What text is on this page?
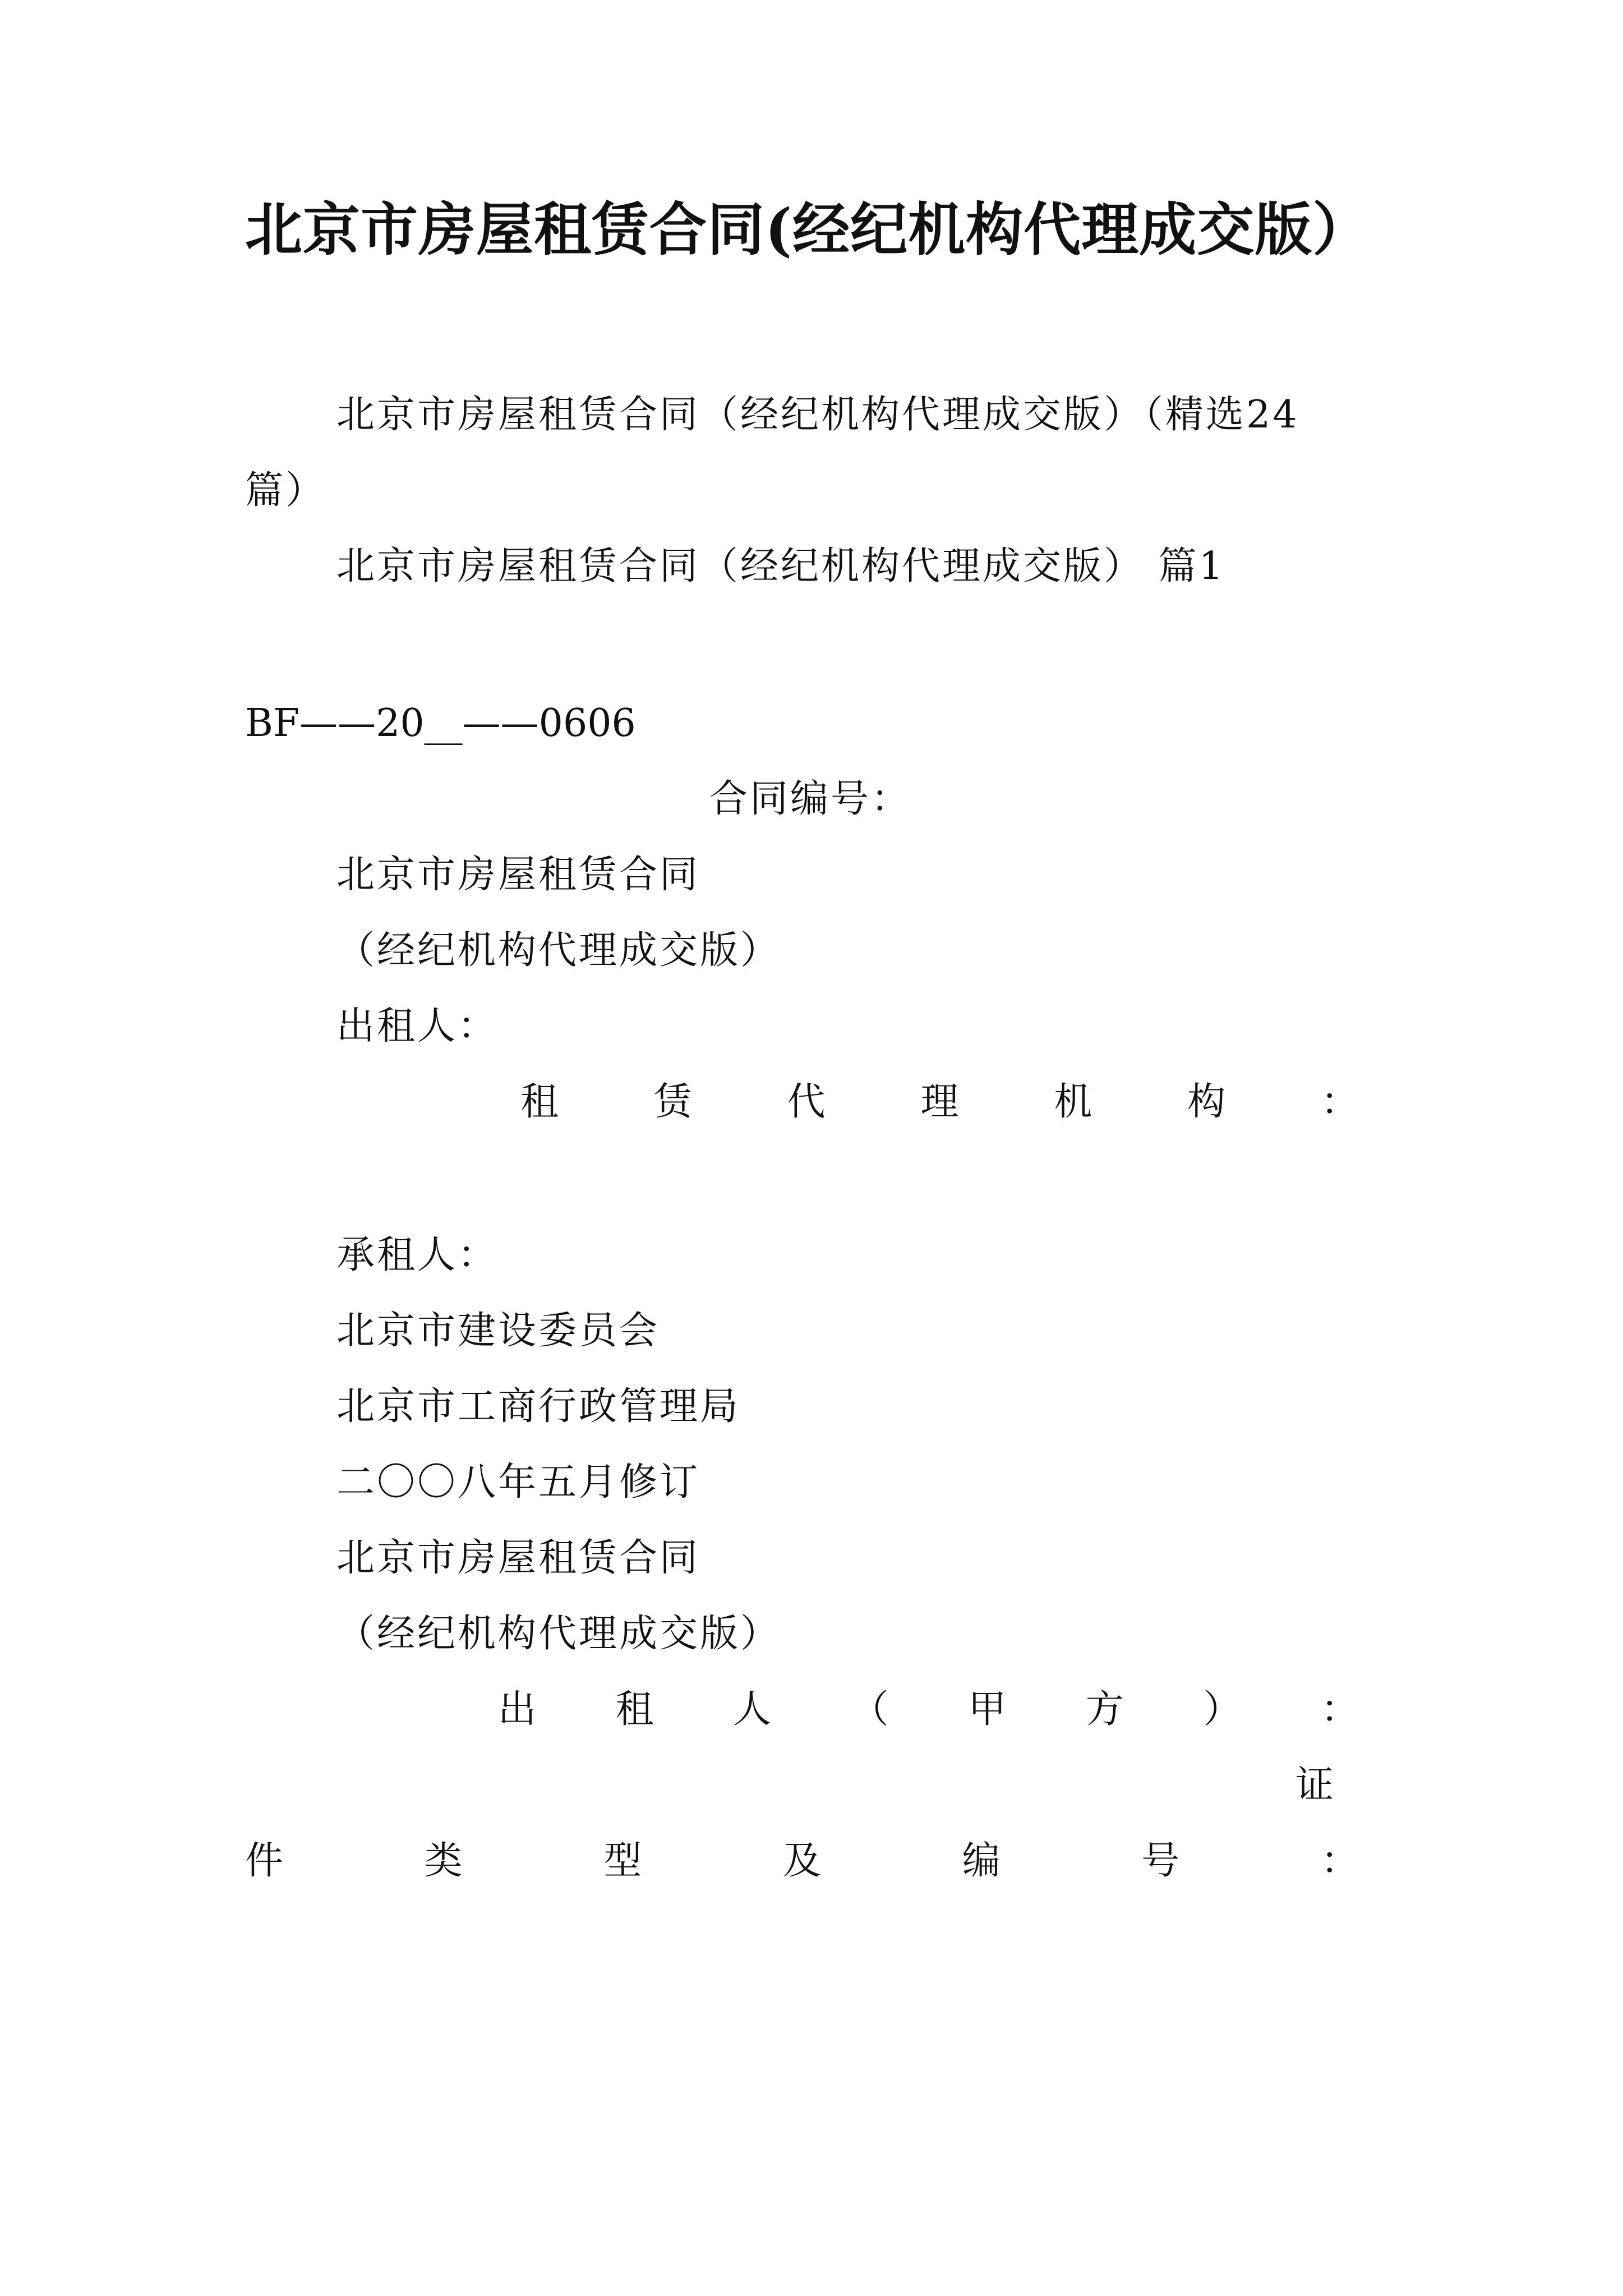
北京市房屋租赁合同(经纪机构代理成交版）
北京市房屋租赁合同（经纪机构代理成交版）（精选24
篇）
北京市房屋租赁合同（经纪机构代理成交版） 篇1
BF——20__——0606
合同编号：
北京市房屋租赁合同
（经纪机构代理成交版）
出租人：
租 赁 代 理 机 构 ：
承租人：
北京市建设委员会
北京市工商行政管理局
二〇〇八年五月修订
北京市房屋租赁合同
（经纪机构代理成交版）
出 租 人 （ 甲 方 ） ：
证
件	类	型	及	编	号	：
